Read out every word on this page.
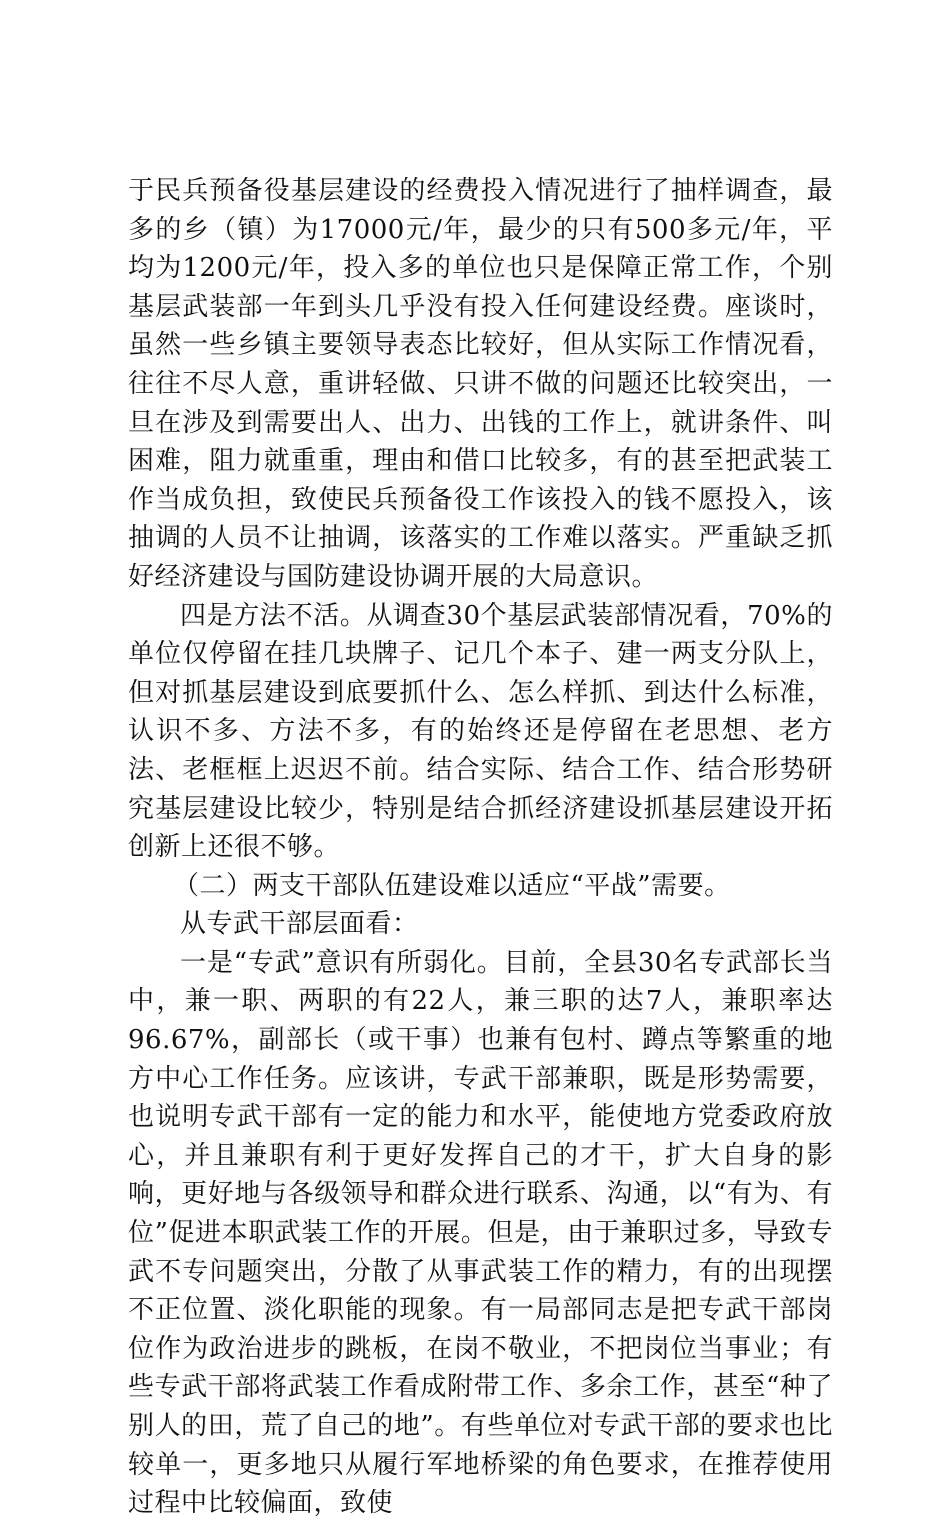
于民兵预备役基层建设的经费投入情况进行了抽样调查，最多的乡（镇）为17000元/年，最少的只有500多元/年，平均为1200元/年，投入多的单位也只是保障正常工作，个别基层武装部一年到头几乎没有投入任何建设经费。座谈时，虽然一些乡镇主要领导表态比较好，但从实际工作情况看，往往不尽人意，重讲轻做、只讲不做的问题还比较突出，一旦在涉及到需要出人、出力、出钱的工作上，就讲条件、叫困难，阻力就重重，理由和借口比较多，有的甚至把武装工作当成负担，致使民兵预备役工作该投入的钱不愿投入，该抽调的人员不让抽调，该落实的工作难以落实。严重缺乏抓好经济建设与国防建设协调开展的大局意识。

四是方法不活。从调查30个基层武装部情况看，70%的单位仅停留在挂几块牌子、记几个本子、建一两支分队上，但对抓基层建设到底要抓什么、怎么样抓、到达什么标准，认识不多、方法不多，有的始终还是停留在老思想、老方法、老框框上迟迟不前。结合实际、结合工作、结合形势研究基层建设比较少，特别是结合抓经济建设抓基层建设开拓创新上还很不够。

（二）两支干部队伍建设难以适应“平战”需要。

从专武干部层面看：

一是“专武”意识有所弱化。目前，全县30名专武部长当中，兼一职、两职的有22人，兼三职的达7人，兼职率达96.67%，副部长（或干事）也兼有包村、蹲点等繁重的地方中心工作任务。应该讲，专武干部兼职，既是形势需要，也说明专武干部有一定的能力和水平，能使地方党委政府放心，并且兼职有利于更好发挥自己的才干，扩大自身的影响，更好地与各级领导和群众进行联系、沟通，以“有为、有位”促进本职武装工作的开展。但是，由于兼职过多，导致专武不专问题突出，分散了从事武装工作的精力，有的出现摆不正位置、淡化职能的现象。有一局部同志是把专武干部岗位作为政治进步的跳板，在岗不敬业，不把岗位当事业；有些专武干部将武装工作看成附带工作、多余工作，甚至“种了别人的田，荒了自己的地”。有些单位对专武干部的要求也比较单一，更多地只从履行军地桥梁的角色要求，在推荐使用过程中比较偏面，致使
